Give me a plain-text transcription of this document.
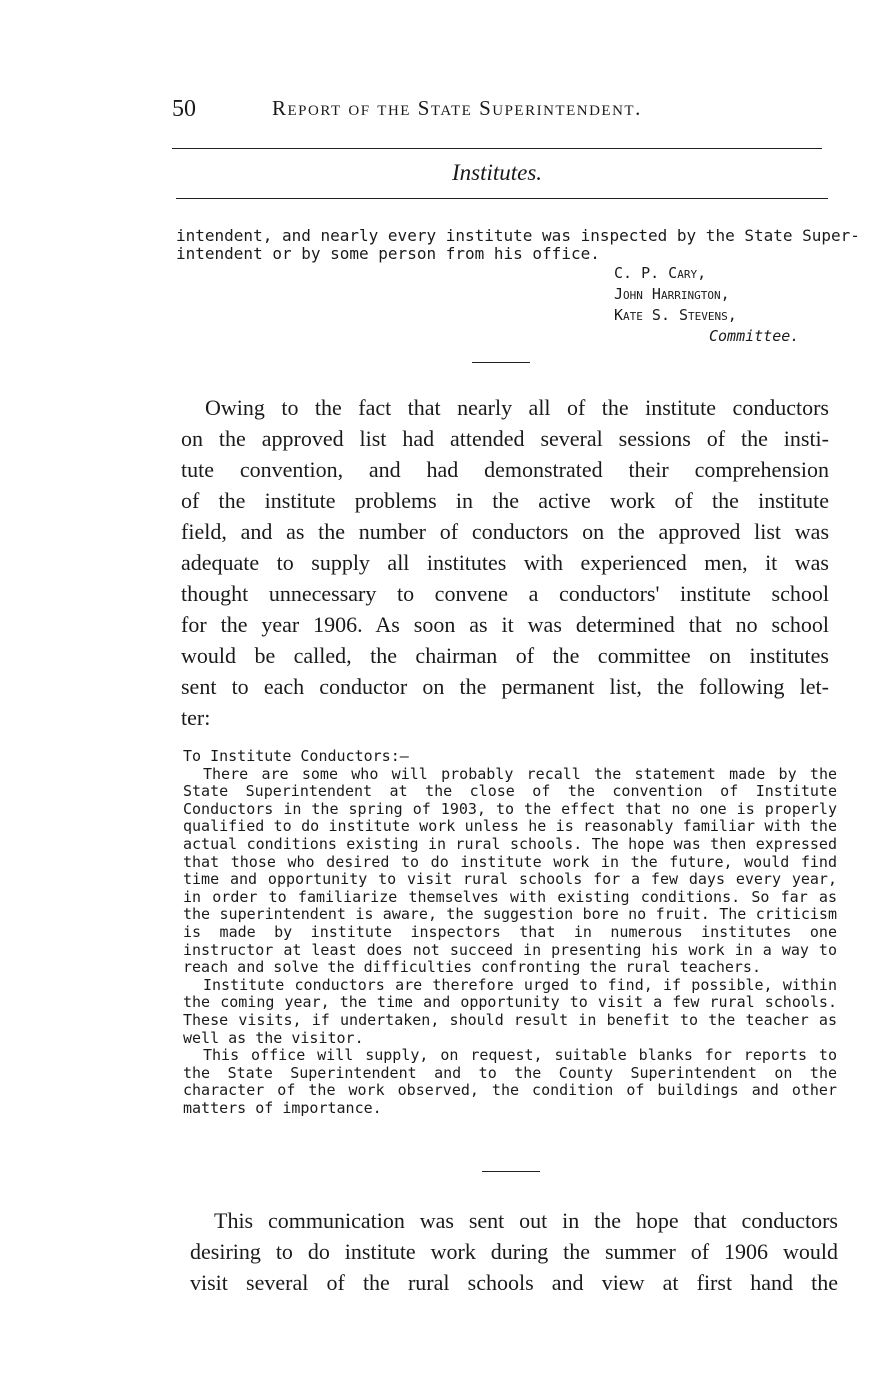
50	Report of the State Superintendent.
Institutes.
intendent, and nearly every institute was inspected by the State Super-
intendent or by some person from his office.
C. P. Cary,
John Harrington,
Kate S. Stevens,
Committee.
Owing to the fact that nearly all of the institute conductors
on the approved list had attended several sessions of the insti-
tute convention, and had demonstrated their comprehension
of the institute problems in the active work of the institute
field, and as the number of conductors on the approved list was
adequate to supply all institutes with experienced men, it was
thought unnecessary to convene a conductors' institute school
for the year 1906. As soon as it was determined that no school
would be called, the chairman of the committee on institutes
sent to each conductor on the permanent list, the following let-
ter:

To Institute Conductors:—

There are some who will probably recall the statement made by the State Superintendent at the close of the convention of Institute Conductors in the spring of 1903, to the effect that no one is properly qualified to do institute work unless he is reasonably familiar with the actual conditions existing in rural schools. The hope was then expressed that those who desired to do institute work in the future, would find time and opportunity to visit rural schools for a few days every year, in order to familiarize themselves with existing conditions. So far as the superintendent is aware, the suggestion bore no fruit. The criticism is made by institute inspectors that in numerous institutes one instructor at least does not succeed in presenting his work in a way to reach and solve the difficulties confronting the rural teachers.

Institute conductors are therefore urged to find, if possible, within the coming year, the time and opportunity to visit a few rural schools. These visits, if undertaken, should result in benefit to the teacher as well as the visitor.

This office will supply, on request, suitable blanks for reports to the State Superintendent and to the County Superintendent on the character of the work observed, the condition of buildings and other matters of importance.

This communication was sent out in the hope that conductors
desiring to do institute work during the summer of 1906 would
visit several of the rural schools and view at first hand the
